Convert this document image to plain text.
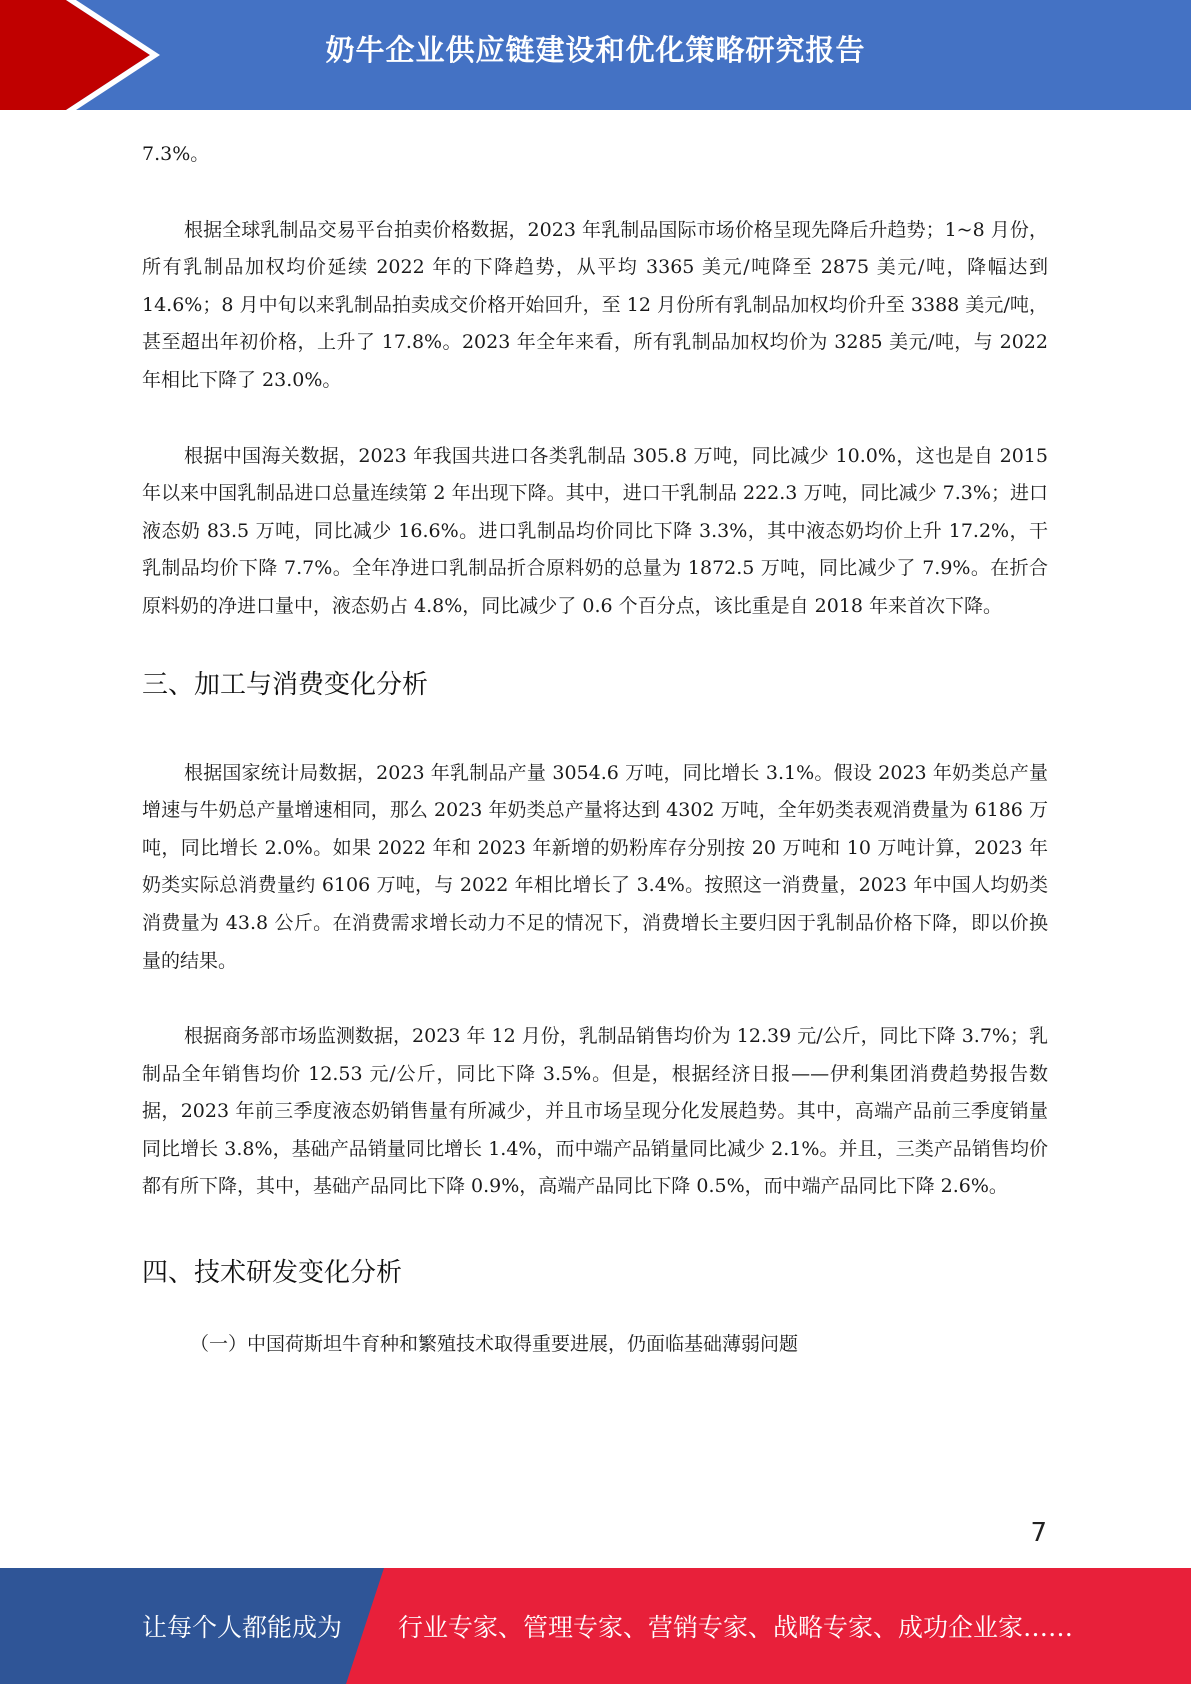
奶牛企业供应链建设和优化策略研究报告

7.3%。

根据全球乳制品交易平台拍卖价格数据，2023 年乳制品国际市场价格呈现先降后升趋势；1~8 月份，所有乳制品加权均价延续 2022 年的下降趋势，从平均 3365 美元/吨降至 2875 美元/吨，降幅达到 14.6%；8 月中旬以来乳制品拍卖成交价格开始回升，至 12 月份所有乳制品加权均价升至 3388 美元/吨，甚至超出年初价格，上升了 17.8%。2023 年全年来看，所有乳制品加权均价为 3285 美元/吨，与 2022 年相比下降了 23.0%。

根据中国海关数据，2023 年我国共进口各类乳制品 305.8 万吨，同比减少 10.0%，这也是自 2015 年以来中国乳制品进口总量连续第 2 年出现下降。其中，进口干乳制品 222.3 万吨，同比减少 7.3%；进口液态奶 83.5 万吨，同比减少 16.6%。进口乳制品均价同比下降 3.3%，其中液态奶均价上升 17.2%，干乳制品均价下降 7.7%。全年净进口乳制品折合原料奶的总量为 1872.5 万吨，同比减少了 7.9%。在折合原料奶的净进口量中，液态奶占 4.8%，同比减少了 0.6 个百分点，该比重是自 2018 年来首次下降。

三、加工与消费变化分析

根据国家统计局数据，2023 年乳制品产量 3054.6 万吨，同比增长 3.1%。假设 2023 年奶类总产量增速与牛奶总产量增速相同，那么 2023 年奶类总产量将达到 4302 万吨，全年奶类表观消费量为 6186 万吨，同比增长 2.0%。如果 2022 年和 2023 年新增的奶粉库存分别按 20 万吨和 10 万吨计算，2023 年奶类实际总消费量约 6106 万吨，与 2022 年相比增长了 3.4%。按照这一消费量，2023 年中国人均奶类消费量为 43.8 公斤。在消费需求增长动力不足的情况下，消费增长主要归因于乳制品价格下降，即以价换量的结果。

根据商务部市场监测数据，2023 年 12 月份，乳制品销售均价为 12.39 元/公斤，同比下降 3.7%；乳制品全年销售均价 12.53 元/公斤，同比下降 3.5%。但是，根据经济日报——伊利集团消费趋势报告数据，2023 年前三季度液态奶销售量有所减少，并且市场呈现分化发展趋势。其中，高端产品前三季度销量同比增长 3.8%，基础产品销量同比增长 1.4%，而中端产品销量同比减少 2.1%。并且，三类产品销售均价都有所下降，其中，基础产品同比下降 0.9%，高端产品同比下降 0.5%，而中端产品同比下降 2.6%。

四、技术研发变化分析

（一）中国荷斯坦牛育种和繁殖技术取得重要进展，仍面临基础薄弱问题

7
让每个人都能成为 行业专家、管理专家、营销专家、战略专家、成功企业家……
